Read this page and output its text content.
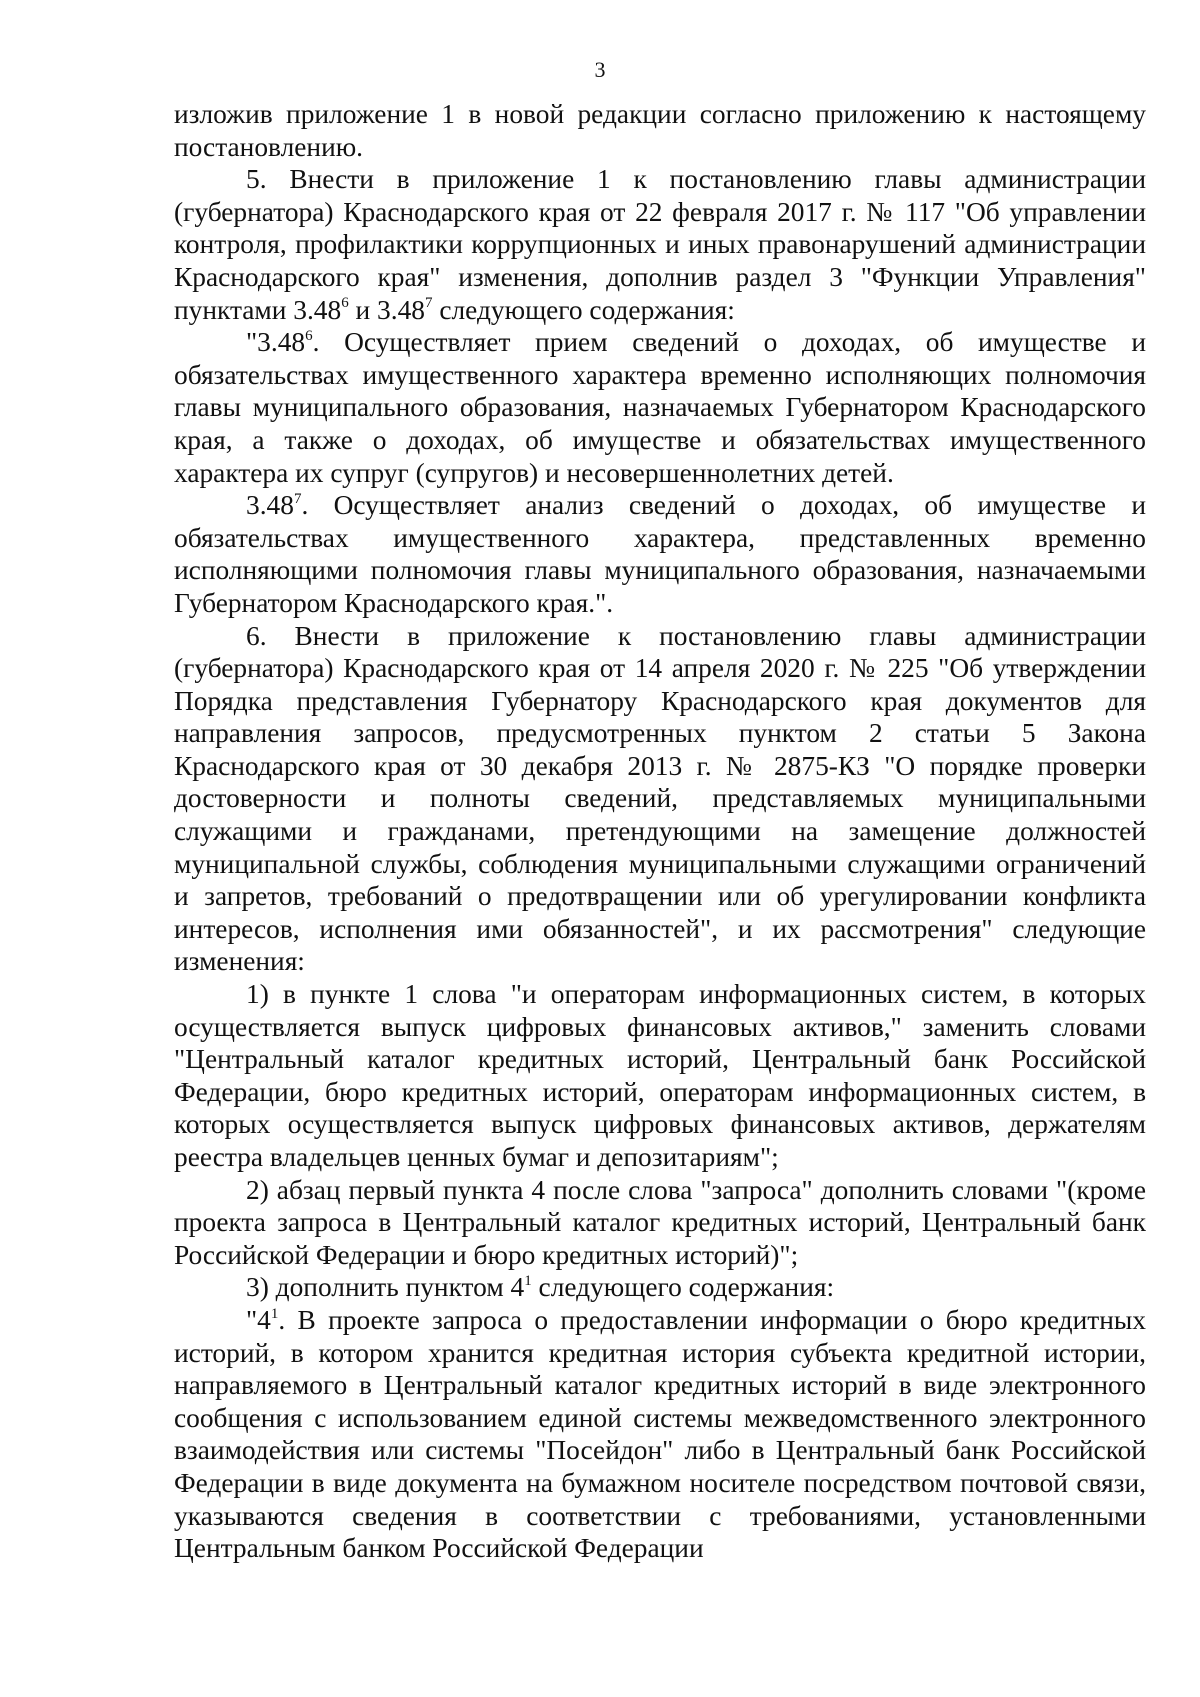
3

изложив приложение 1 в новой редакции согласно приложению к настоящему постановлению.

5. Внести в приложение 1 к постановлению главы администрации (губернатора) Краснодарского края от 22 февраля 2017 г. № 117 "Об управлении контроля, профилактики коррупционных и иных правонарушений администрации Краснодарского края" изменения, дополнив раздел 3 "Функции Управления" пунктами 3.48$^6$ и 3.48$^7$ следующего содержания:

"3.48$^6$. Осуществляет прием сведений о доходах, об имуществе и обязательствах имущественного характера временно исполняющих полномочия главы муниципального образования, назначаемых Губернатором Краснодарского края, а также о доходах, об имуществе и обязательствах имущественного характера их супруг (супругов) и несовершеннолетних детей.

3.48$^7$. Осуществляет анализ сведений о доходах, об имуществе и обязательствах имущественного характера, представленных временно исполняющими полномочия главы муниципального образования, назначаемыми Губернатором Краснодарского края.".

6. Внести в приложение к постановлению главы администрации (губернатора) Краснодарского края от 14 апреля 2020 г. № 225 "Об утверждении Порядка представления Губернатору Краснодарского края документов для направления запросов, предусмотренных пунктом 2 статьи 5 Закона Краснодарского края от 30 декабря 2013 г. № 2875-КЗ "О порядке проверки достоверности и полноты сведений, представляемых муниципальными служащими и гражданами, претендующими на замещение должностей муниципальной службы, соблюдения муниципальными служащими ограничений и запретов, требований о предотвращении или об урегулировании конфликта интересов, исполнения ими обязанностей", и их рассмотрения" следующие изменения:

1) в пункте 1 слова "и операторам информационных систем, в которых осуществляется выпуск цифровых финансовых активов," заменить словами "Центральный каталог кредитных историй, Центральный банк Российской Федерации, бюро кредитных историй, операторам информационных систем, в которых осуществляется выпуск цифровых финансовых активов, держателям реестра владельцев ценных бумаг и депозитариям";

2) абзац первый пункта 4 после слова "запроса" дополнить словами "(кроме проекта запроса в Центральный каталог кредитных историй, Центральный банк Российской Федерации и бюро кредитных историй)";

3) дополнить пунктом $4^1$ следующего содержания:

"$4^1$. В проекте запроса о предоставлении информации о бюро кредитных историй, в котором хранится кредитная история субъекта кредитной истории, направляемого в Центральный каталог кредитных историй в виде электронного сообщения с использованием единой системы межведомственного электронного взаимодействия или системы "Посейдон" либо в Центральный банк Российской Федерации в виде документа на бумажном носителе посредством почтовой связи, указываются сведения в соответствии с требованиями, установленными Центральным банком Российской Федерации
